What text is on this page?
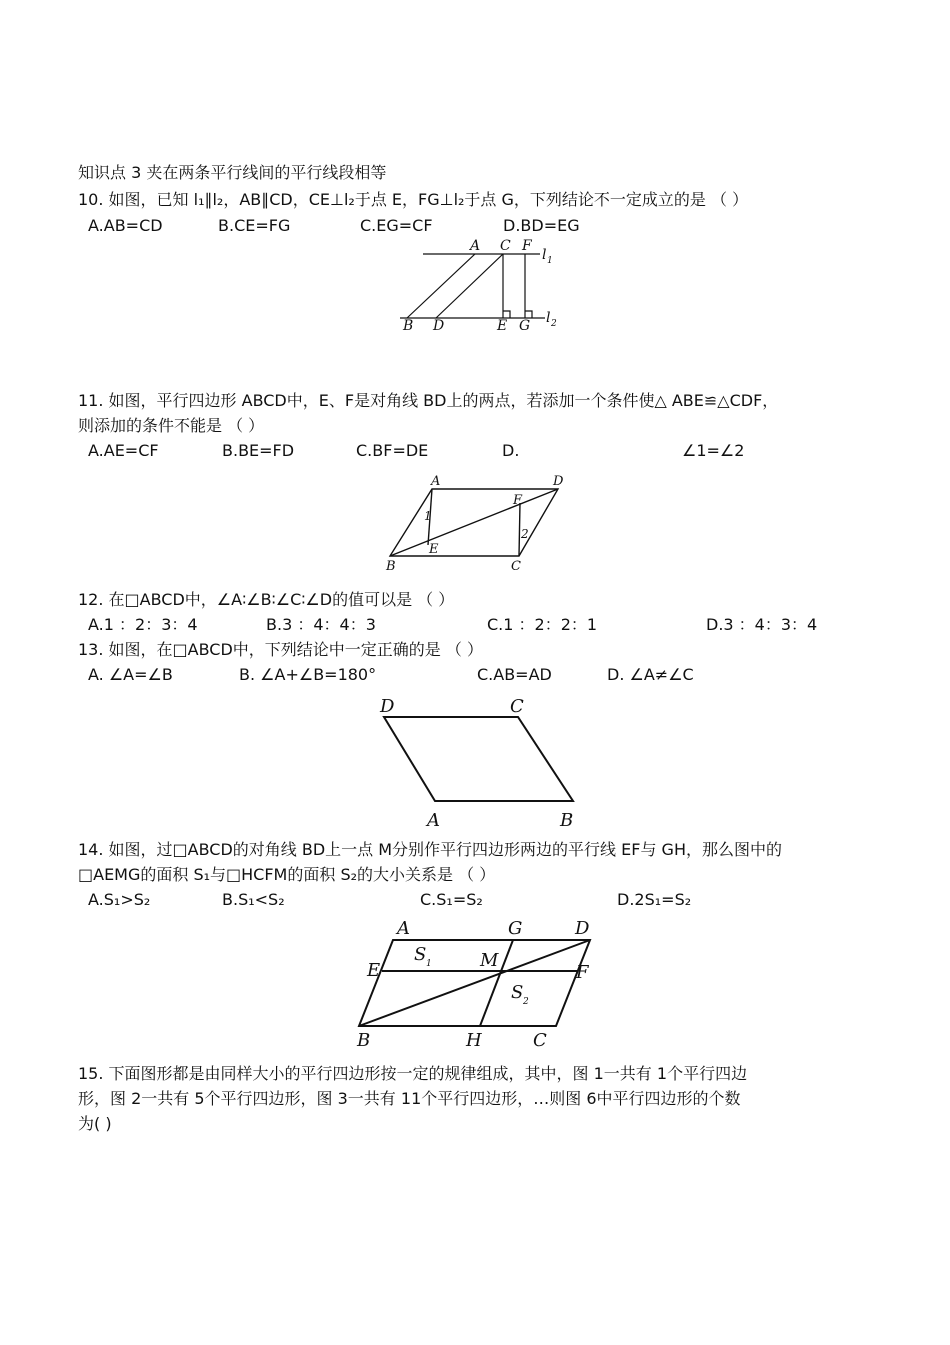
知识点 3 夹在两条平行线间的平行线段相等
10. 如图，已知 l₁∥l₂，AB∥CD，CE⊥l₂于点 E，FG⊥l₂于点 G，下列结论不一定成立的是 （ ）
A.AB=CD	B.CE=FG	C.EG=CF	D.BD=EG
A C F
l 1
B D	E G l 2
11. 如图，平行四边形 ABCD中，E、F是对角线 BD上的两点，若添加一个条件使△ ABE≌△CDF，
则添加的条件不能是 （ ）
A.AE=CF	B.BE=FD	C.BF=DE	D.	∠1=∠2
A	D
F
B	C
E
1
2
12. 在□ABCD中，∠A∶∠B∶∠C∶∠D的值可以是 （ ）
A.1 ：2：3：4	B.3 ：4：4：3	C.1 ：2：2：1	D.3 ：4：3：4
13. 如图，在□ABCD中，下列结论中一定正确的是 （ ）
A. ∠A=∠B	B. ∠A+∠B=180°	C.AB=AD	D. ∠A≠∠C
D	C
A	B
14. 如图，过□ABCD的对角线 BD上一点 M分别作平行四边形两边的平行线 EF与 GH，那么图中的
□AEMG的面积 S₁与□HCFM的面积 S₂的大小关系是 （ ）
A.S₁>S₂	B.S₁<S₂	C.S₁=S₂	D.2S₁=S₂
A	G	D
E	M
F
S 1
S 2
B	H	C
15. 下面图形都是由同样大小的平行四边形按一定的规律组成，其中，图 1一共有 1个平行四边
形，图 2一共有 5个平行四边形，图 3一共有 11个平行四边形，…则图 6中平行四边形的个数
为( )
